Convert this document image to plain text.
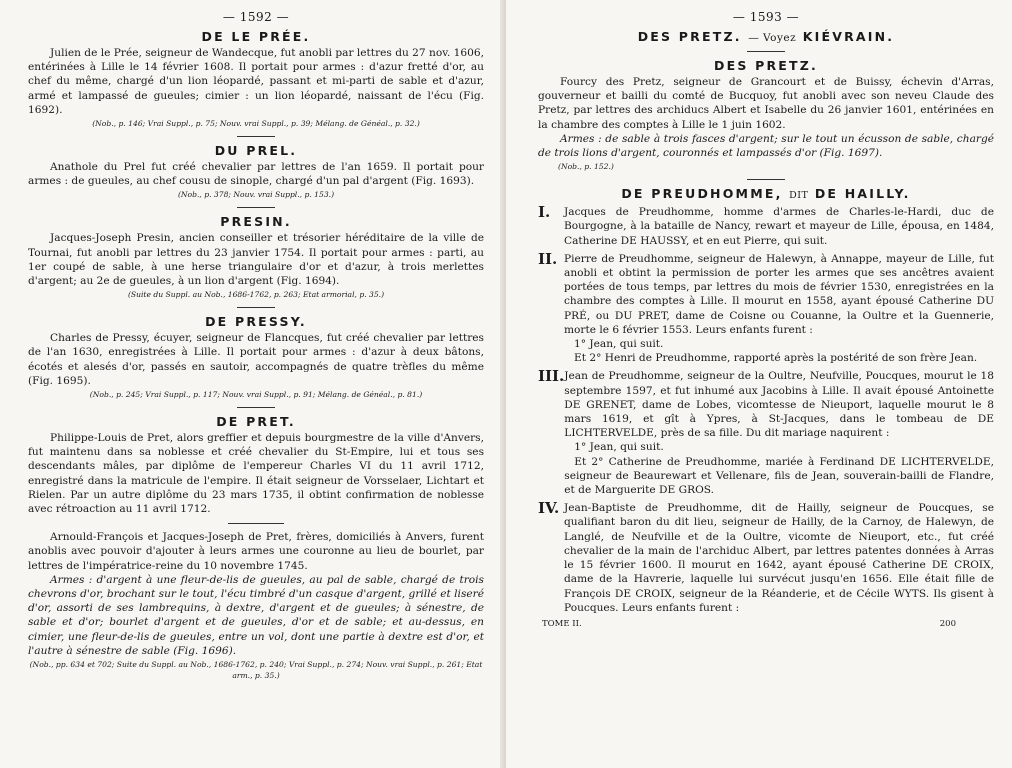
— 1592 —
DE LE PRÉE.

Julien de le Prée, seigneur de Wandecque, fut anobli par lettres du 27 nov. 1606, entérinées à Lille le 14 février 1608. Il portait pour armes : d'azur fretté d'or, au chef du même, chargé d'un lion léopardé, passant et mi-parti de sable et d'azur, armé et lampassé de gueules; cimier : un lion léopardé, naissant de l'écu (Fig. 1692).

(Nob., p. 146; Vrai Suppl., p. 75; Nouv. vrai Suppl., p. 39; Mélang. de Généal., p. 32.)

DU PREL.

Anathole du Prel fut créé chevalier par lettres de l'an 1659. Il portait pour armes : de gueules, au chef cousu de sinople, chargé d'un pal d'argent (Fig. 1693).

(Nob., p. 378; Nouv. vrai Suppl., p. 153.)

PRESIN.

Jacques-Joseph Presin, ancien conseiller et trésorier héréditaire de la ville de Tournai, fut anobli par lettres du 23 janvier 1754. Il portait pour armes : parti, au 1er coupé de sable, à une herse triangulaire d'or et d'azur, à trois merlettes d'argent; au 2e de gueules, à un lion d'argent (Fig. 1694).

(Suite du Suppl. au Nob., 1686-1762, p. 263; Etat armorial, p. 35.)

DE PRESSY.

Charles de Pressy, écuyer, seigneur de Flancques, fut créé chevalier par lettres de l'an 1630, enregistrées à Lille. Il portait pour armes : d'azur à deux bâtons, écotés et alesés d'or, passés en sautoir, accompagnés de quatre trèfles du même (Fig. 1695).

(Nob., p. 245; Vrai Suppl., p. 117; Nouv. vrai Suppl., p. 91; Mélang. de Généal., p. 81.)

DE PRET.

Philippe-Louis de Pret, alors greffier et depuis bourgmestre de la ville d'Anvers, fut maintenu dans sa noblesse et créé chevalier du St-Empire, lui et tous ses descendants mâles, par diplôme de l'empereur Charles VI du 11 avril 1712, enregistré dans la matricule de l'empire. Il était seigneur de Vorsselaer, Lichtart et Rielen. Par un autre diplôme du 23 mars 1735, il obtint confirmation de noblesse avec rétroaction au 11 avril 1712.

Arnould-François et Jacques-Joseph de Pret, frères, domiciliés à Anvers, furent anoblis avec pouvoir d'ajouter à leurs armes une couronne au lieu de bourlet, par lettres de l'impératrice-reine du 10 novembre 1745.

Armes : d'argent à une fleur-de-lis de gueules, au pal de sable, chargé de trois chevrons d'or, brochant sur le tout, l'écu timbré d'un casque d'argent, grillé et liseré d'or, assorti de ses lambrequins, à dextre, d'argent et de gueules; à sénestre, de sable et d'or; bourlet d'argent et de gueules, d'or et de sable; et au-dessus, en cimier, une fleur-de-lis de gueules, entre un vol, dont une partie à dextre est d'or, et l'autre à sénestre de sable (Fig. 1696).

(Nob., pp. 634 et 702; Suite du Suppl. au Nob., 1686-1762, p. 240; Vrai Suppl., p. 274; Nouv. vrai Suppl., p. 261; Etat arm., p. 35.)

— 1593 —
DES PRETZ. — Voyez KIÉVRAIN.
DES PRETZ.

Fourcy des Pretz, seigneur de Grancourt et de Buissy, échevin d'Arras, gouverneur et bailli du comté de Bucquoy, fut anobli avec son neveu Claude des Pretz, par lettres des archiducs Albert et Isabelle du 26 janvier 1601, entérinées en la chambre des comptes à Lille le 1 juin 1602.

Armes : de sable à trois fasces d'argent; sur le tout un écusson de sable, chargé de trois lions d'argent, couronnés et lampassés d'or (Fig. 1697).

(Nob., p. 152.)

DE PREUDHOMME, DIT DE HAILLY.
I.	Jacques de Preudhomme, homme d'armes de Charles-le-Hardi, duc de Bourgogne, à la bataille de Nancy, rewart et mayeur de Lille, épousa, en 1484, Catherine DE HAUSSY, et en eut Pierre, qui suit.

II. Pierre de Preudhomme, seigneur de Halewyn, à Annappe, mayeur de Lille, fut anobli et obtint la permission de porter les armes que ses ancêtres avaient portées de tous temps, par lettres du mois de février 1530, enregistrées en la chambre des comptes à Lille. Il mourut en 1558, ayant épousé Catherine DU PRÉ, ou DU PRET, dame de Coisne ou Couanne, la Oultre et la Guennerie, morte le 6 février 1553. Leurs enfants furent :

1° Jean, qui suit.

Et 2° Henri de Preudhomme, rapporté après la postérité de son frère Jean.

III. Jean de Preudhomme, seigneur de la Oultre, Neufville, Poucques, mourut le 18 septembre 1597, et fut inhumé aux Jacobins à Lille. Il avait épousé Antoinette DE GRENET, dame de Lobes, vicomtesse de Nieuport, laquelle mourut le 8 mars 1619, et gît à Ypres, à St-Jacques, dans le tombeau de DE LICHTERVELDE, près de sa fille. Du dit mariage naquirent :

1° Jean, qui suit.

Et 2° Catherine de Preudhomme, mariée à Ferdinand DE LICHTERVELDE, seigneur de Beaurewart et Vellenare, fils de Jean, souverain-bailli de Flandre, et de Marguerite DE GROS.

IV. Jean-Baptiste de Preudhomme, dit de Hailly, seigneur de Poucques, se qualifiant baron du dit lieu, seigneur de Hailly, de la Carnoy, de Halewyn, de Langlé, de Neufville et de la Oultre, vicomte de Nieuport, etc., fut créé chevalier de la main de l'archiduc Albert, par lettres patentes données à Arras le 15 février 1600. Il mourut en 1642, ayant épousé Catherine DE CROIX, dame de la Havrerie, laquelle lui survécut jusqu'en 1656. Elle était fille de François DE CROIX, seigneur de la Réanderie, et de Cécile WYTS. Ils gisent à Poucques. Leurs enfants furent :

TOME II.	200
